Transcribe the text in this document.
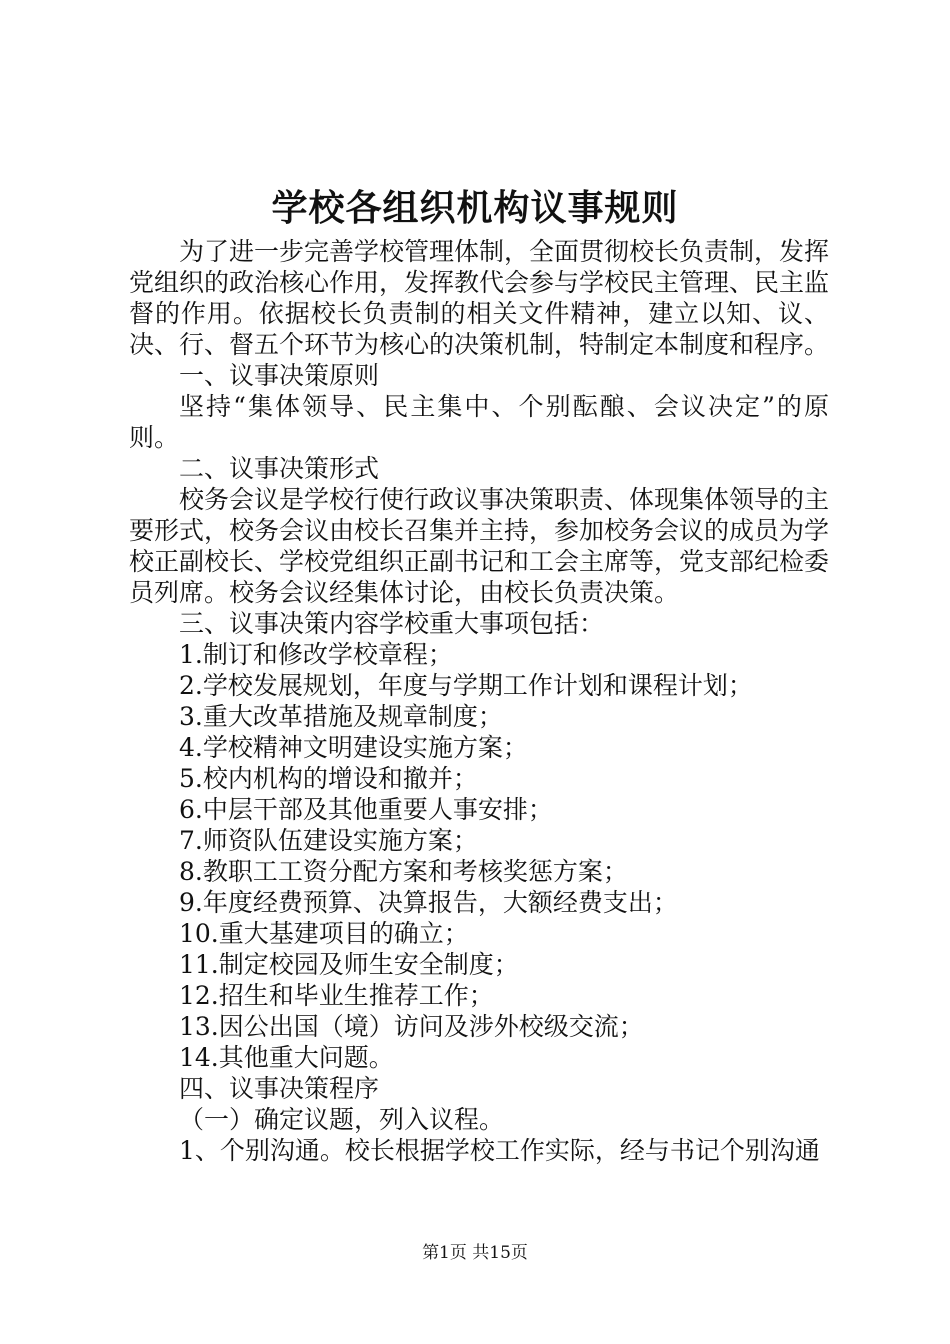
学校各组织机构议事规则

为了进一步完善学校管理体制，全面贯彻校长负责制，发挥党组织的政治核心作用，发挥教代会参与学校民主管理、民主监督的作用。依据校长负责制的相关文件精神，建立以知、议、决、行、督五个环节为核心的决策机制，特制定本制度和程序。

一、议事决策原则

坚持“集体领导、民主集中、个别酝酿、会议决定”的原则。

二、议事决策形式

校务会议是学校行使行政议事决策职责、体现集体领导的主要形式，校务会议由校长召集并主持，参加校务会议的成员为学校正副校长、学校党组织正副书记和工会主席等，党支部纪检委员列席。校务会议经集体讨论，由校长负责决策。

三、议事决策内容学校重大事项包括：

1.制订和修改学校章程；

2.学校发展规划，年度与学期工作计划和课程计划；

3.重大改革措施及规章制度；

4.学校精神文明建设实施方案；

5.校内机构的增设和撤并；

6.中层干部及其他重要人事安排；

7.师资队伍建设实施方案；

8.教职工工资分配方案和考核奖惩方案；

9.年度经费预算、决算报告，大额经费支出；

10.重大基建项目的确立；

11.制定校园及师生安全制度；

12.招生和毕业生推荐工作；

13.因公出国（境）访问及涉外校级交流；

14.其他重大问题。

四、议事决策程序

（一）确定议题，列入议程。

1、个别沟通。校长根据学校工作实际，经与书记个别沟通

第1页 共15页
